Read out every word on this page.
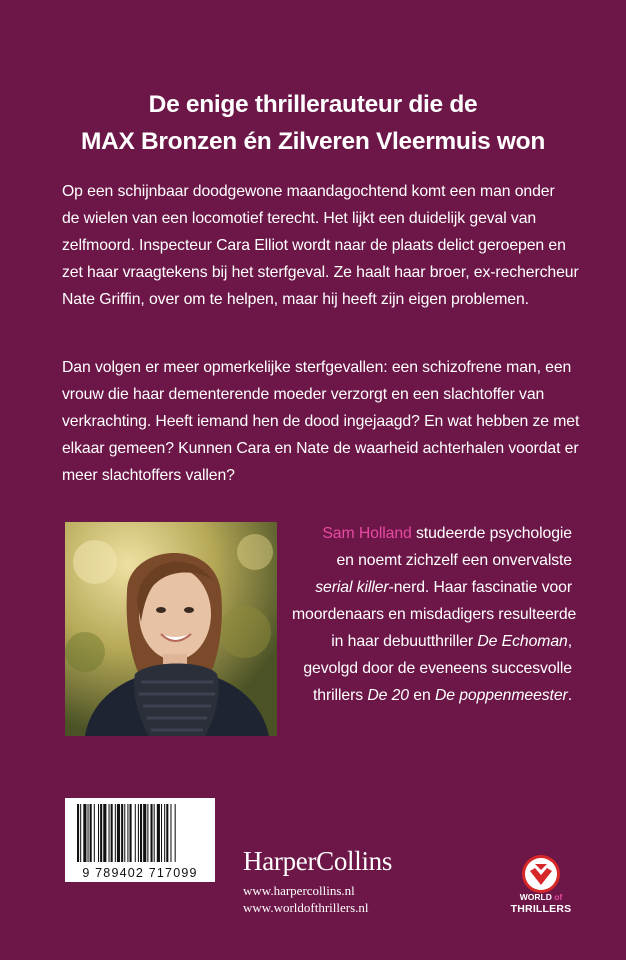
De enige thrillerauteur die de
MAX Bronzen én Zilveren Vleermuis won
Op een schijnbaar doodgewone maandagochtend komt een man onder
de wielen van een locomotief terecht. Het lijkt een duidelijk geval van
zelfmoord. Inspecteur Cara Elliot wordt naar de plaats delict geroepen en
zet haar vraagtekens bij het sterfgeval. Ze haalt haar broer, ex-rechercheur
Nate Griffin, over om te helpen, maar hij heeft zijn eigen problemen.
Dan volgen er meer opmerkelijke sterfgevallen: een schizofrene man, een
vrouw die haar dementerende moeder verzorgt en een slachtoffer van
verkrachting. Heeft iemand hen de dood ingejaagd? En wat hebben ze met
elkaar gemeen? Kunnen Cara en Nate de waarheid achterhalen voordat er
meer slachtoffers vallen?
Sam Holland studeerde psychologie
en noemt zichzelf een onvervalste
serial killer-nerd. Haar fascinatie voor
moordenaars en misdadigers resulteerde
in haar debuutthriller De Echoman,
gevolgd door de eveneens succesvolle
thrillers De 20 en De poppenmeester.
9 789402 717099	HarperCollins
www.harpercollins.nl
www.worldofthrillers.nl
WORLD of
THRILLERS
